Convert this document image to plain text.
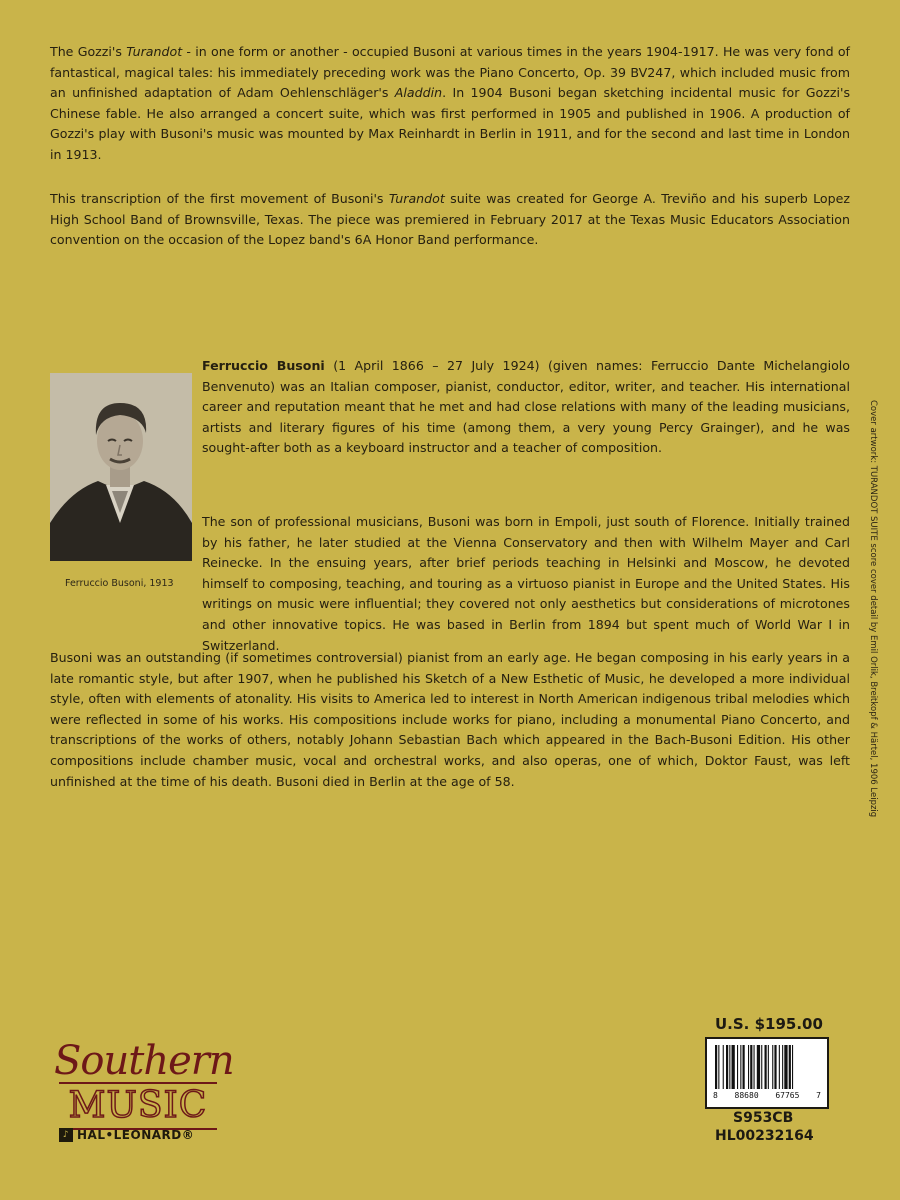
The Gozzi's Turandot - in one form or another - occupied Busoni at various times in the years 1904-1917. He was very fond of fantastical, magical tales: his immediately preceding work was the Piano Concerto, Op. 39 BV247, which included music from an unfinished adaptation of Adam Oehlenschläger's Aladdin. In 1904 Busoni began sketching incidental music for Gozzi's Chinese fable. He also arranged a concert suite, which was first performed in 1905 and published in 1906. A production of Gozzi's play with Busoni's music was mounted by Max Reinhardt in Berlin in 1911, and for the second and last time in London in 1913.

This transcription of the first movement of Busoni's Turandot suite was created for George A. Treviño and his superb Lopez High School Band of Brownsville, Texas. The piece was premiered in February 2017 at the Texas Music Educators Association convention on the occasion of the Lopez band's 6A Honor Band performance.

Ferruccio Busoni, 1913

Ferruccio Busoni (1 April 1866 – 27 July 1924) (given names: Ferruccio Dante Michelangiolo Benvenuto) was an Italian composer, pianist, conductor, editor, writer, and teacher. His international career and reputation meant that he met and had close relations with many of the leading musicians, artists and literary figures of his time (among them, a very young Percy Grainger), and he was sought-after both as a keyboard instructor and a teacher of composition.

The son of professional musicians, Busoni was born in Empoli, just south of Florence. Initially trained by his father, he later studied at the Vienna Conservatory and then with Wilhelm Mayer and Carl Reinecke. In the ensuing years, after brief periods teaching in Helsinki and Moscow, he devoted himself to composing, teaching, and touring as a virtuoso pianist in Europe and the United States. His writings on music were influential; they covered not only aesthetics but considerations of microtones and other innovative topics. He was based in Berlin from 1894 but spent much of World War I in Switzerland.

Busoni was an outstanding (if sometimes controversial) pianist from an early age. He began composing in his early years in a late romantic style, but after 1907, when he published his Sketch of a New Esthetic of Music, he developed a more individual style, often with elements of atonality. His visits to America led to interest in North American indigenous tribal melodies which were reflected in some of his works. His compositions include works for piano, including a monumental Piano Concerto, and transcriptions of the works of others, notably Johann Sebastian Bach which appeared in the Bach-Busoni Edition. His other compositions include chamber music, vocal and orchestral works, and also operas, one of which, Doktor Faust, was left unfinished at the time of his death. Busoni died in Berlin at the age of 58.	Cover artwork: TURANDOT SUITE score cover detail by Emil Orlik, Breitkopf & Härtel, 1906 Leipzig
Southern
MUSIC
♪ HAL•LEONARD®
U.S. $195.00
8 88680 67765 7
S953CB
HL00232164
